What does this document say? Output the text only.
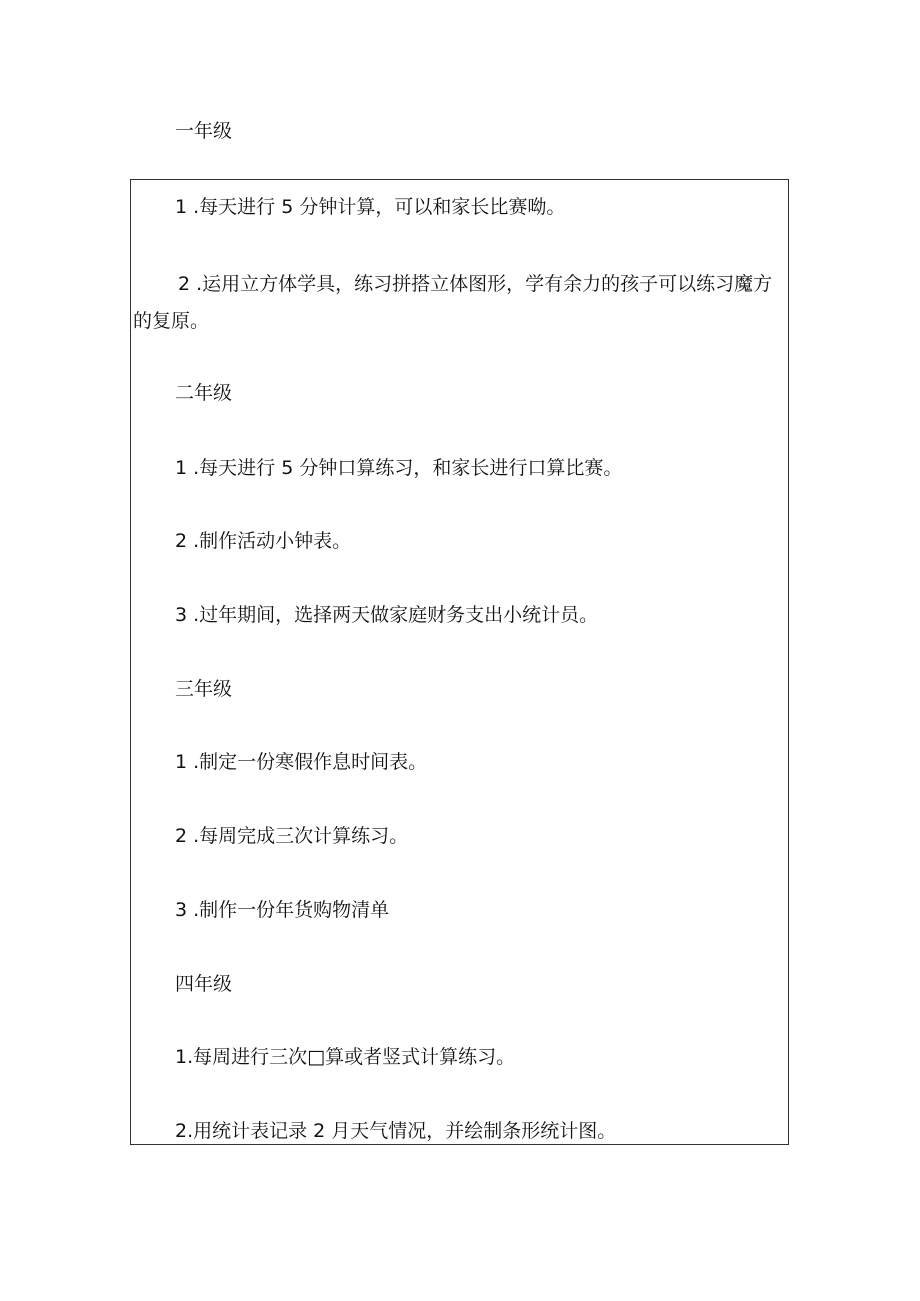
一年级
1 .每天进行 5 分钟计算，可以和家长比赛呦。
2 .运用立方体学具，练习拼搭立体图形，学有余力的孩子可以练习魔方的复原。
二年级
1 .每天进行 5 分钟口算练习，和家长进行口算比赛。
2 .制作活动小钟表。
3 .过年期间，选择两天做家庭财务支出小统计员。
三年级
1 .制定一份寒假作息时间表。
2 .每周完成三次计算练习。
3 .制作一份年货购物清单
四年级
1.每周进行三次□算或者竖式计算练习。
2.用统计表记录 2 月天气情况，并绘制条形统计图。
